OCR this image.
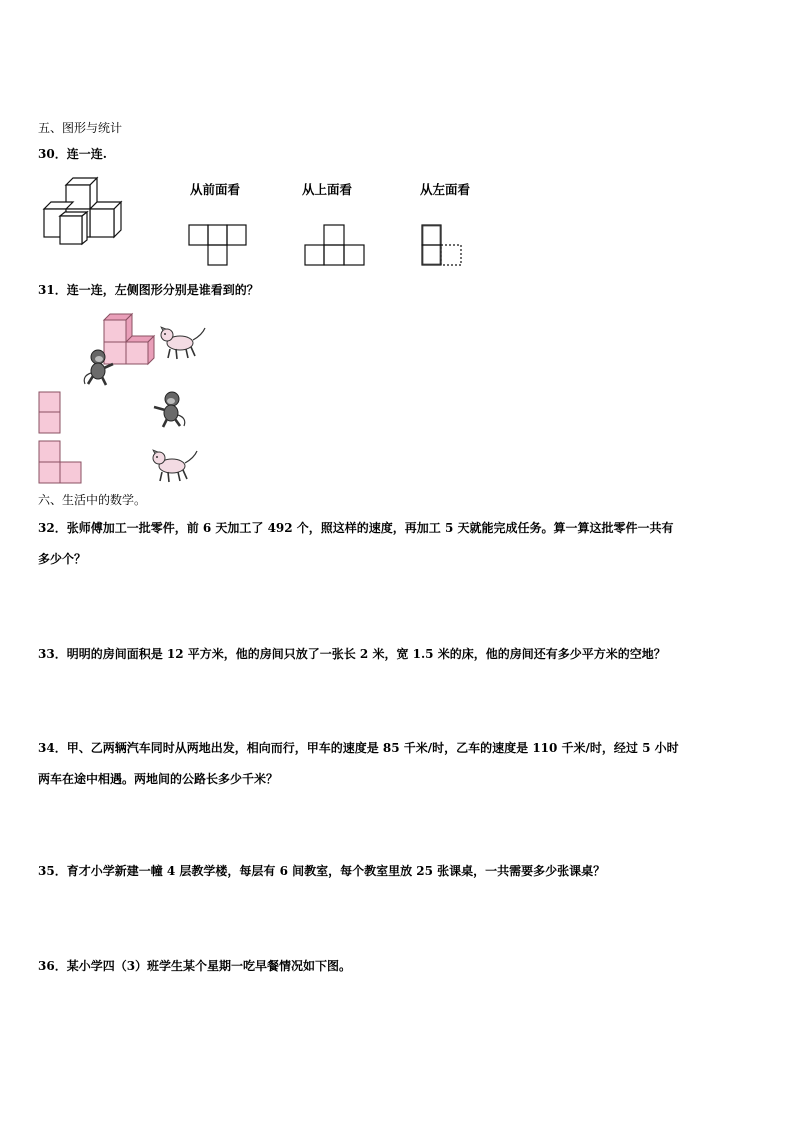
五、图形与统计
30．连一连.
从前面看	从上面看	从左面看
31．连一连，左侧图形分别是谁看到的？
六、生活中的数学。
32．张师傅加工一批零件，前 6 天加工了 492 个，照这样的速度，再加工 5 天就能完成任务。算一算这批零件一共有
多少个？
33．明明的房间面积是 12 平方米，他的房间只放了一张长 2 米，宽 1.5 米的床，他的房间还有多少平方米的空地？
34．甲、乙两辆汽车同时从两地出发，相向而行，甲车的速度是 85 千米/时，乙车的速度是 110 千米/时，经过 5 小时
两车在途中相遇。两地间的公路长多少千米？
35．育才小学新建一幢 4 层教学楼，每层有 6 间教室，每个教室里放 25 张课桌，一共需要多少张课桌？
36．某小学四（3）班学生某个星期一吃早餐情况如下图。
